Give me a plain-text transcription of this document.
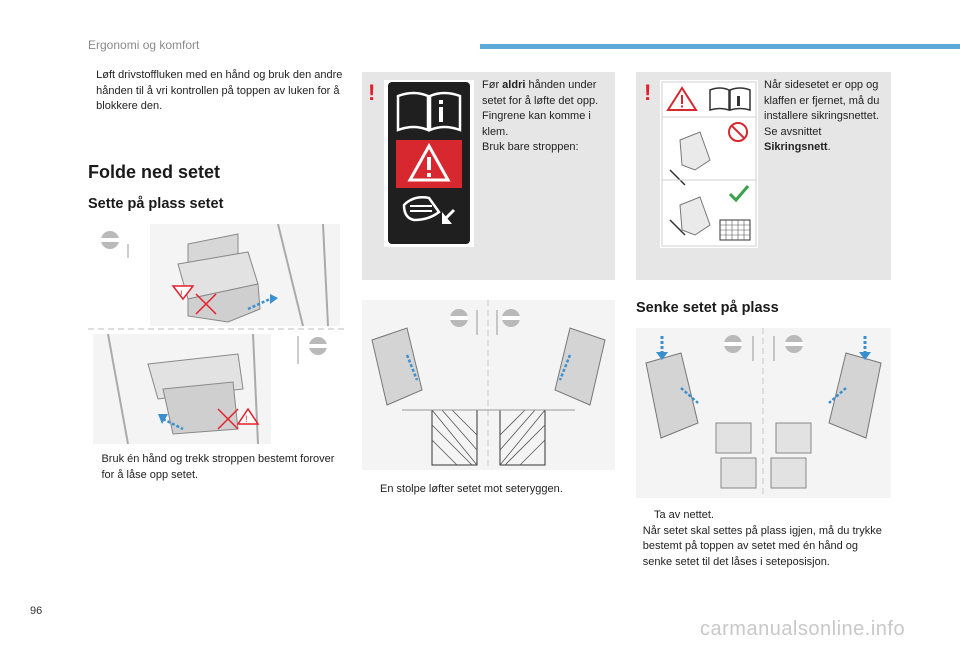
Ergonomi og komfort
Løft drivstoffluken med en hånd og bruk den andre hånden til å vri kontrollen på toppen av luken for å blokkere den.
Folde ned setet
Sette på plass setet
!
!
Bruk én hånd og trekk stroppen bestemt forover for å låse opp setet.
!	Før aldri hånden under setet for å løfte det opp. Fingrene kan komme i klem.
Bruk bare stroppen:
En stolpe løfter setet mot seteryggen.
!	Når sidesetet er opp og klaffen er fjernet, må du installere sikringsnettet.
Se avsnittet
Sikringsnett.
Senke setet på plass
Ta av nettet.
Når setet skal settes på plass igjen, må du trykke bestemt på toppen av setet med én hånd og senke setet til det låses i seteposisjon.
96
carmanualsonline.info
